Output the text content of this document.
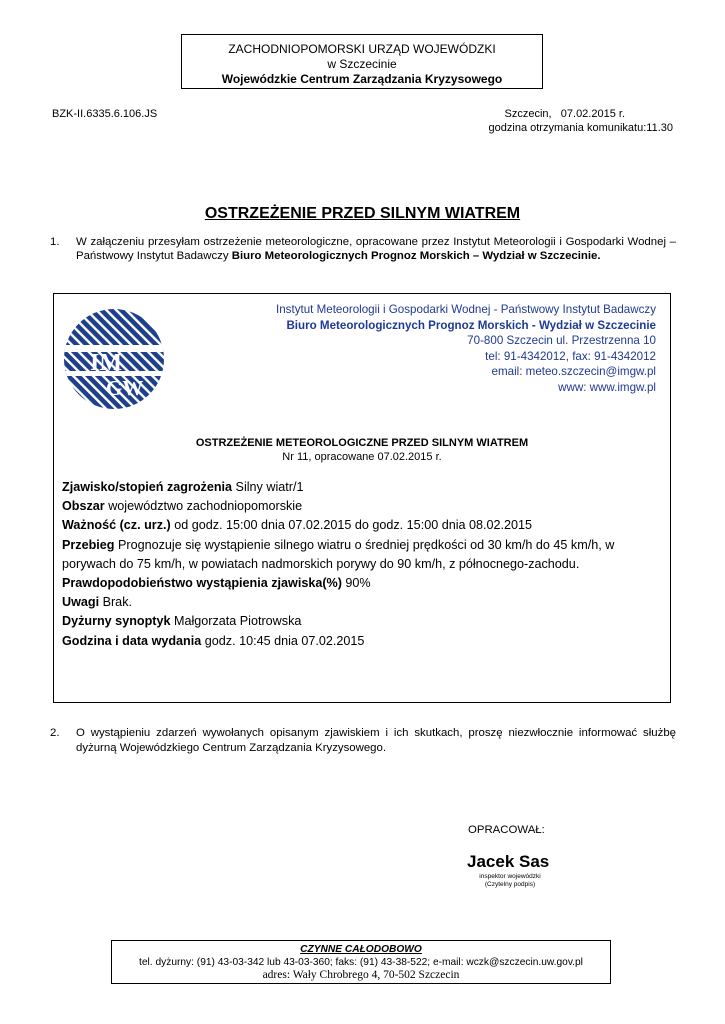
ZACHODNIOPOMORSKI URZĄD WOJEWÓDZKI
w Szczecinie
Wojewódzkie Centrum Zarządzania Kryzysowego
BZK-II.6335.6.106.JS	Szczecin,   07.02.2015 r.
godzina otrzymania komunikatu:11.30
OSTRZEŻENIE PRZED SILNYM WIATREM
1. W załączeniu przesyłam ostrzeżenie meteorologiczne, opracowane przez Instytut Meteorologii i Gospodarki Wodnej – Państwowy Instytut Badawczy Biuro Meteorologicznych Prognoz Morskich – Wydział w Szczecinie.
IM
GW
Instytut Meteorologii i Gospodarki Wodnej - Państwowy Instytut Badawczy
Biuro Meteorologicznych Prognoz Morskich - Wydział w Szczecinie
70-800 Szczecin ul. Przestrzenna 10
tel: 91-4342012, fax: 91-4342012
email: meteo.szczecin@imgw.pl
www: www.imgw.pl
OSTRZEŻENIE METEOROLOGICZNE PRZED SILNYM WIATREM
Nr 11, opracowane 07.02.2015 r.

Zjawisko/stopień zagrożenia Silny wiatr/1

Obszar województwo zachodniopomorskie

Ważność (cz. urz.) od godz. 15:00 dnia 07.02.2015 do godz. 15:00 dnia 08.02.2015

Przebieg Prognozuje się wystąpienie silnego wiatru o średniej prędkości od 30 km/h do 45 km/h, w porywach do 75 km/h, w powiatach nadmorskich porywy do 90 km/h, z północnego-zachodu.

Prawdopodobieństwo wystąpienia zjawiska(%) 90%

Uwagi Brak.

Dyżurny synoptyk Małgorzata Piotrowska

Godzina i data wydania godz. 10:45 dnia 07.02.2015

2. O wystąpieniu zdarzeń wywołanych opisanym zjawiskiem i ich skutkach, proszę niezwłocznie informować służbę dyżurną Wojewódzkiego Centrum Zarządzania Kryzysowego.
OPRACOWAŁ:
Jacek Sas
inspektor wojewódzki
(Czytelny podpis)
CZYNNE CAŁODOBOWO
tel. dyżurny: (91) 43-03-342 lub 43-03-360; faks: (91) 43-38-522; e-mail: wczk@szczecin.uw.gov.pl
adres: Wały Chrobrego 4, 70-502 Szczecin
